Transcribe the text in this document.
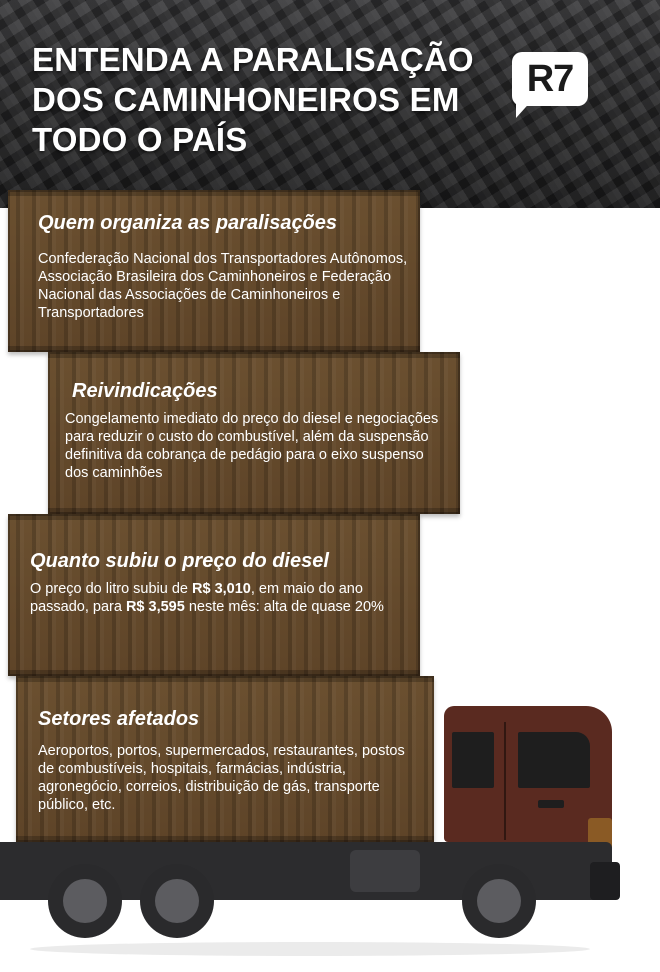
ENTENDA A PARALISAÇÃO
DOS CAMINHONEIROS EM
TODO O PAÍS
R7
Quem organiza as paralisações
Confederação Nacional dos Transportadores Autônomos, Associação Brasileira dos Caminhoneiros e Federação Nacional das Associações de Caminhoneiros e Transportadores
Reivindicações
Congelamento imediato do preço do diesel e negociações para reduzir o custo do combustível, além da suspensão definitiva da cobrança de pedágio para o eixo suspenso dos caminhões
Quanto subiu o preço do diesel
O preço do litro subiu de R$ 3,010, em maio do ano passado, para R$ 3,595 neste mês: alta de quase 20%
Setores afetados
Aeroportos, portos, supermercados, restaurantes, postos de combustíveis, hospitais, farmácias, indústria, agronegócio, correios, distribuição de gás, transporte público, etc.
